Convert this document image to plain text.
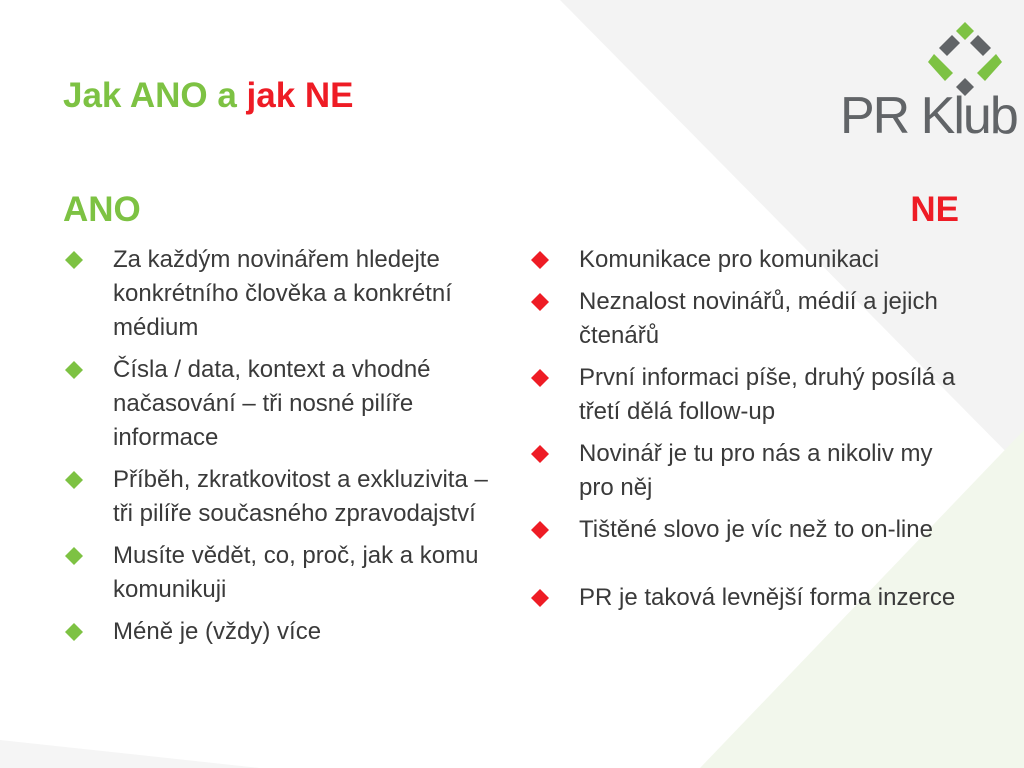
Jak ANO a jak NE	PR Klub
ANO	NE
Za každým novinářem hledejte konkrétního člověka a konkrétní médium
Čísla / data, kontext a vhodné načasování – tři nosné pilíře informace
Příběh, zkratkovitost a exkluzivita – tři pilíře současného zpravodajství
Musíte vědět, co, proč, jak a komu komunikuji
Méně je (vždy) více
Komunikace pro komunikaci
Neznalost novinářů, médií a jejich čtenářů
První informaci píše, druhý posílá a třetí dělá follow-up
Novinář je tu pro nás a nikoliv my pro něj
Tištěné slovo je víc než to on-line
PR je taková levnější forma inzerce
